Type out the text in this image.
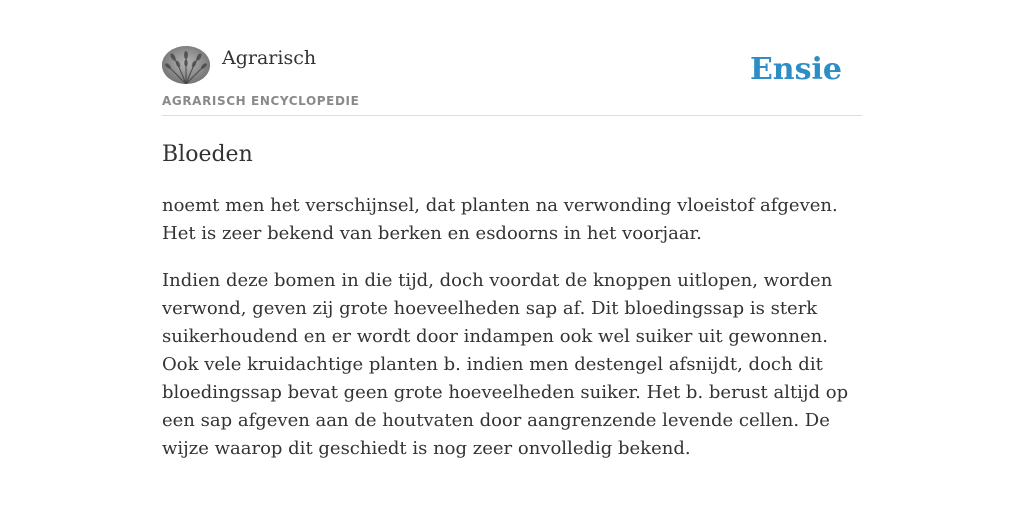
Agrarisch
AGRARISCH ENCYCLOPEDIE
Ensie
Bloeden

noemt men het verschijnsel, dat planten na verwonding vloeistof afgeven. Het is zeer bekend van berken en esdoorns in het voorjaar.

Indien deze bomen in die tijd, doch voordat de knoppen uitlopen, worden verwond, geven zij grote hoeveelheden sap af. Dit bloedingssap is sterk suikerhoudend en er wordt door indampen ook wel suiker uit gewonnen. Ook vele kruidachtige planten b. indien men destengel afsnijdt, doch dit bloedingssap bevat geen grote hoeveelheden suiker. Het b. berust altijd op een sap afgeven aan de houtvaten door aangrenzende levende cellen. De wijze waarop dit geschiedt is nog zeer onvolledig bekend.
